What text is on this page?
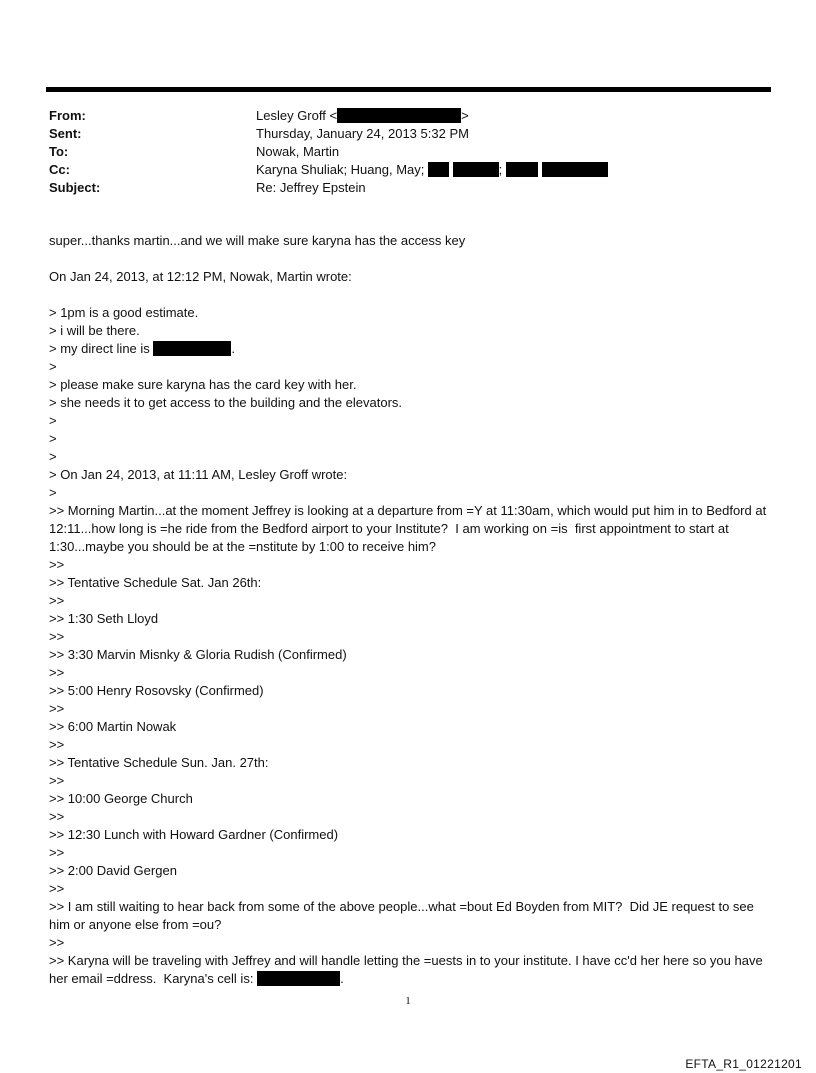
From:	Lesley Groff <	>
Sent:	Thursday, January 24, 2013 5:32 PM
To:	Nowak, Martin
Cc:	Karyna Shuliak; Huang, May;	;
Subject:	Re: Jeffrey Epstein
super...thanks martin...and we will make sure karyna has the access key
On Jan 24, 2013, at 12:12 PM, Nowak, Martin wrote:
> 1pm is a good estimate.
> i will be there.
> my direct line is	.
>
> please make sure karyna has the card key with her.
> she needs it to get access to the building and the elevators.
>
>
>
> On Jan 24, 2013, at 11:11 AM, Lesley Groff wrote:
>
>> Morning Martin...at the moment Jeffrey is looking at a departure from =Y at 11:30am, which would put him in to Bedford at 12:11...how long is =he ride from the Bedford airport to your Institute?  I am working on =is  first appointment to start at 1:30...maybe you should be at the =nstitute by 1:00 to receive him?
>>
>> Tentative Schedule Sat. Jan 26th:
>>
>> 1:30 Seth Lloyd
>>
>> 3:30 Marvin Misnky & Gloria Rudish (Confirmed)
>>
>> 5:00 Henry Rosovsky (Confirmed)
>>
>> 6:00 Martin Nowak
>>
>> Tentative Schedule Sun. Jan. 27th:
>>
>> 10:00 George Church
>>
>> 12:30 Lunch with Howard Gardner (Confirmed)
>>
>> 2:00 David Gergen
>>
>> I am still waiting to hear back from some of the above people...what =bout Ed Boyden from MIT?  Did JE request to see him or anyone else from =ou?
>>
>> Karyna will be traveling with Jeffrey and will handle letting the =uests in to your institute. I have cc'd her here so you have her email =ddress.  Karyna's cell is:	.
1
EFTA_R1_01221201
